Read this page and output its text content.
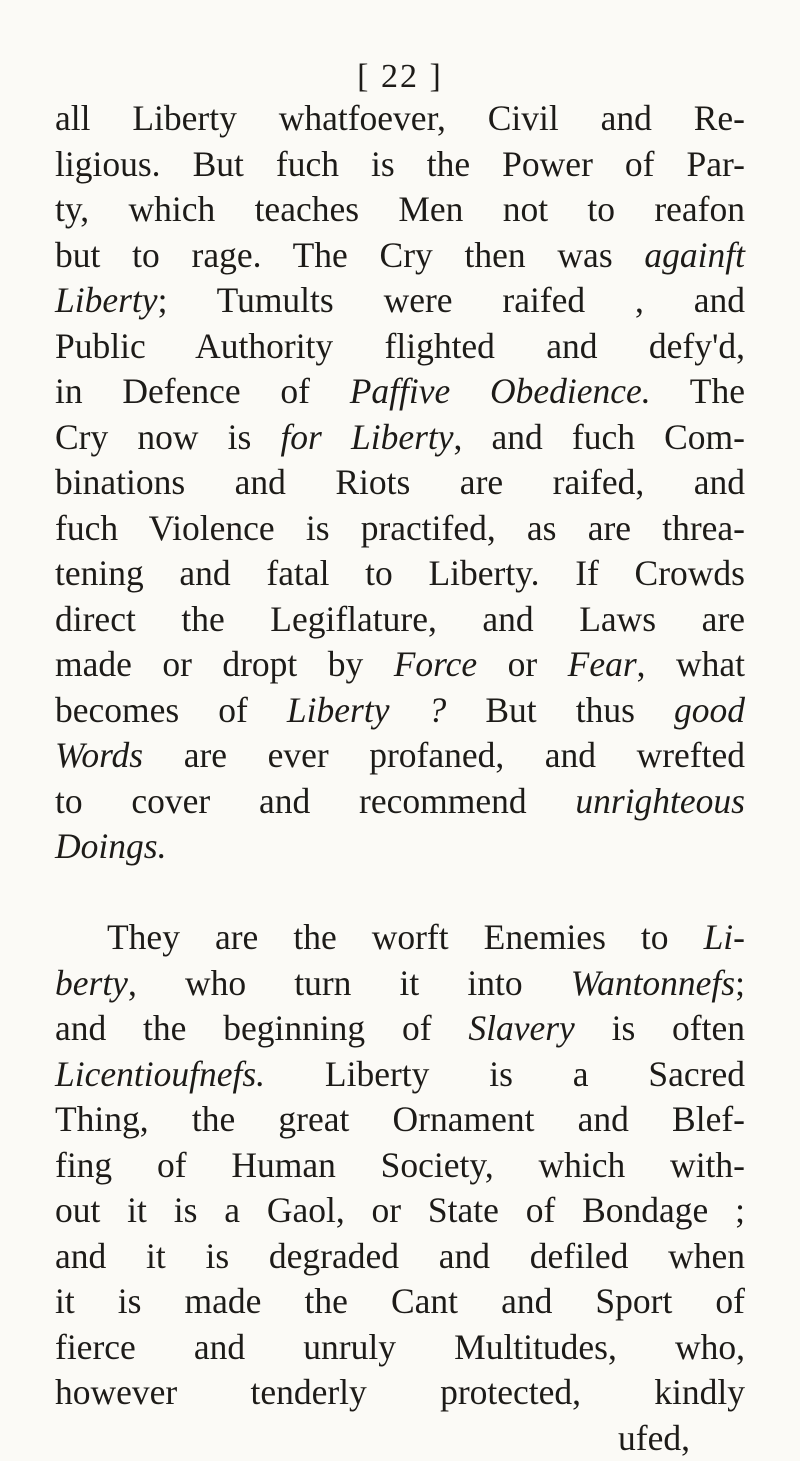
[ 22 ]
all Liberty whatfoever, Civil and Re-
ligious. But fuch is the Power of Par-
ty, which teaches Men not to reafon
but to rage. The Cry then was againft
Liberty; Tumults were raifed , and
Public Authority flighted and defy'd,
in Defence of Paffive Obedience. The
Cry now is for Liberty, and fuch Com-
binations and Riots are raifed, and
fuch Violence is practifed, as are threa-
tening and fatal to Liberty. If Crowds
direct the Legiflature, and Laws are
made or dropt by Force or Fear, what
becomes of Liberty ? But thus good
Words are ever profaned, and wrefted
to cover and recommend unrighteous
Doings.
They are the worft Enemies to Li-
berty, who turn it into Wantonnefs;
and the beginning of Slavery is often
Licentioufnefs. Liberty is a Sacred
Thing, the great Ornament and Blef-
fing of Human Society, which with-
out it is a Gaol, or State of Bondage ;
and it is degraded and defiled when
it is made the Cant and Sport of
fierce and unruly Multitudes, who,
however tenderly protected, kindly
ufed,
